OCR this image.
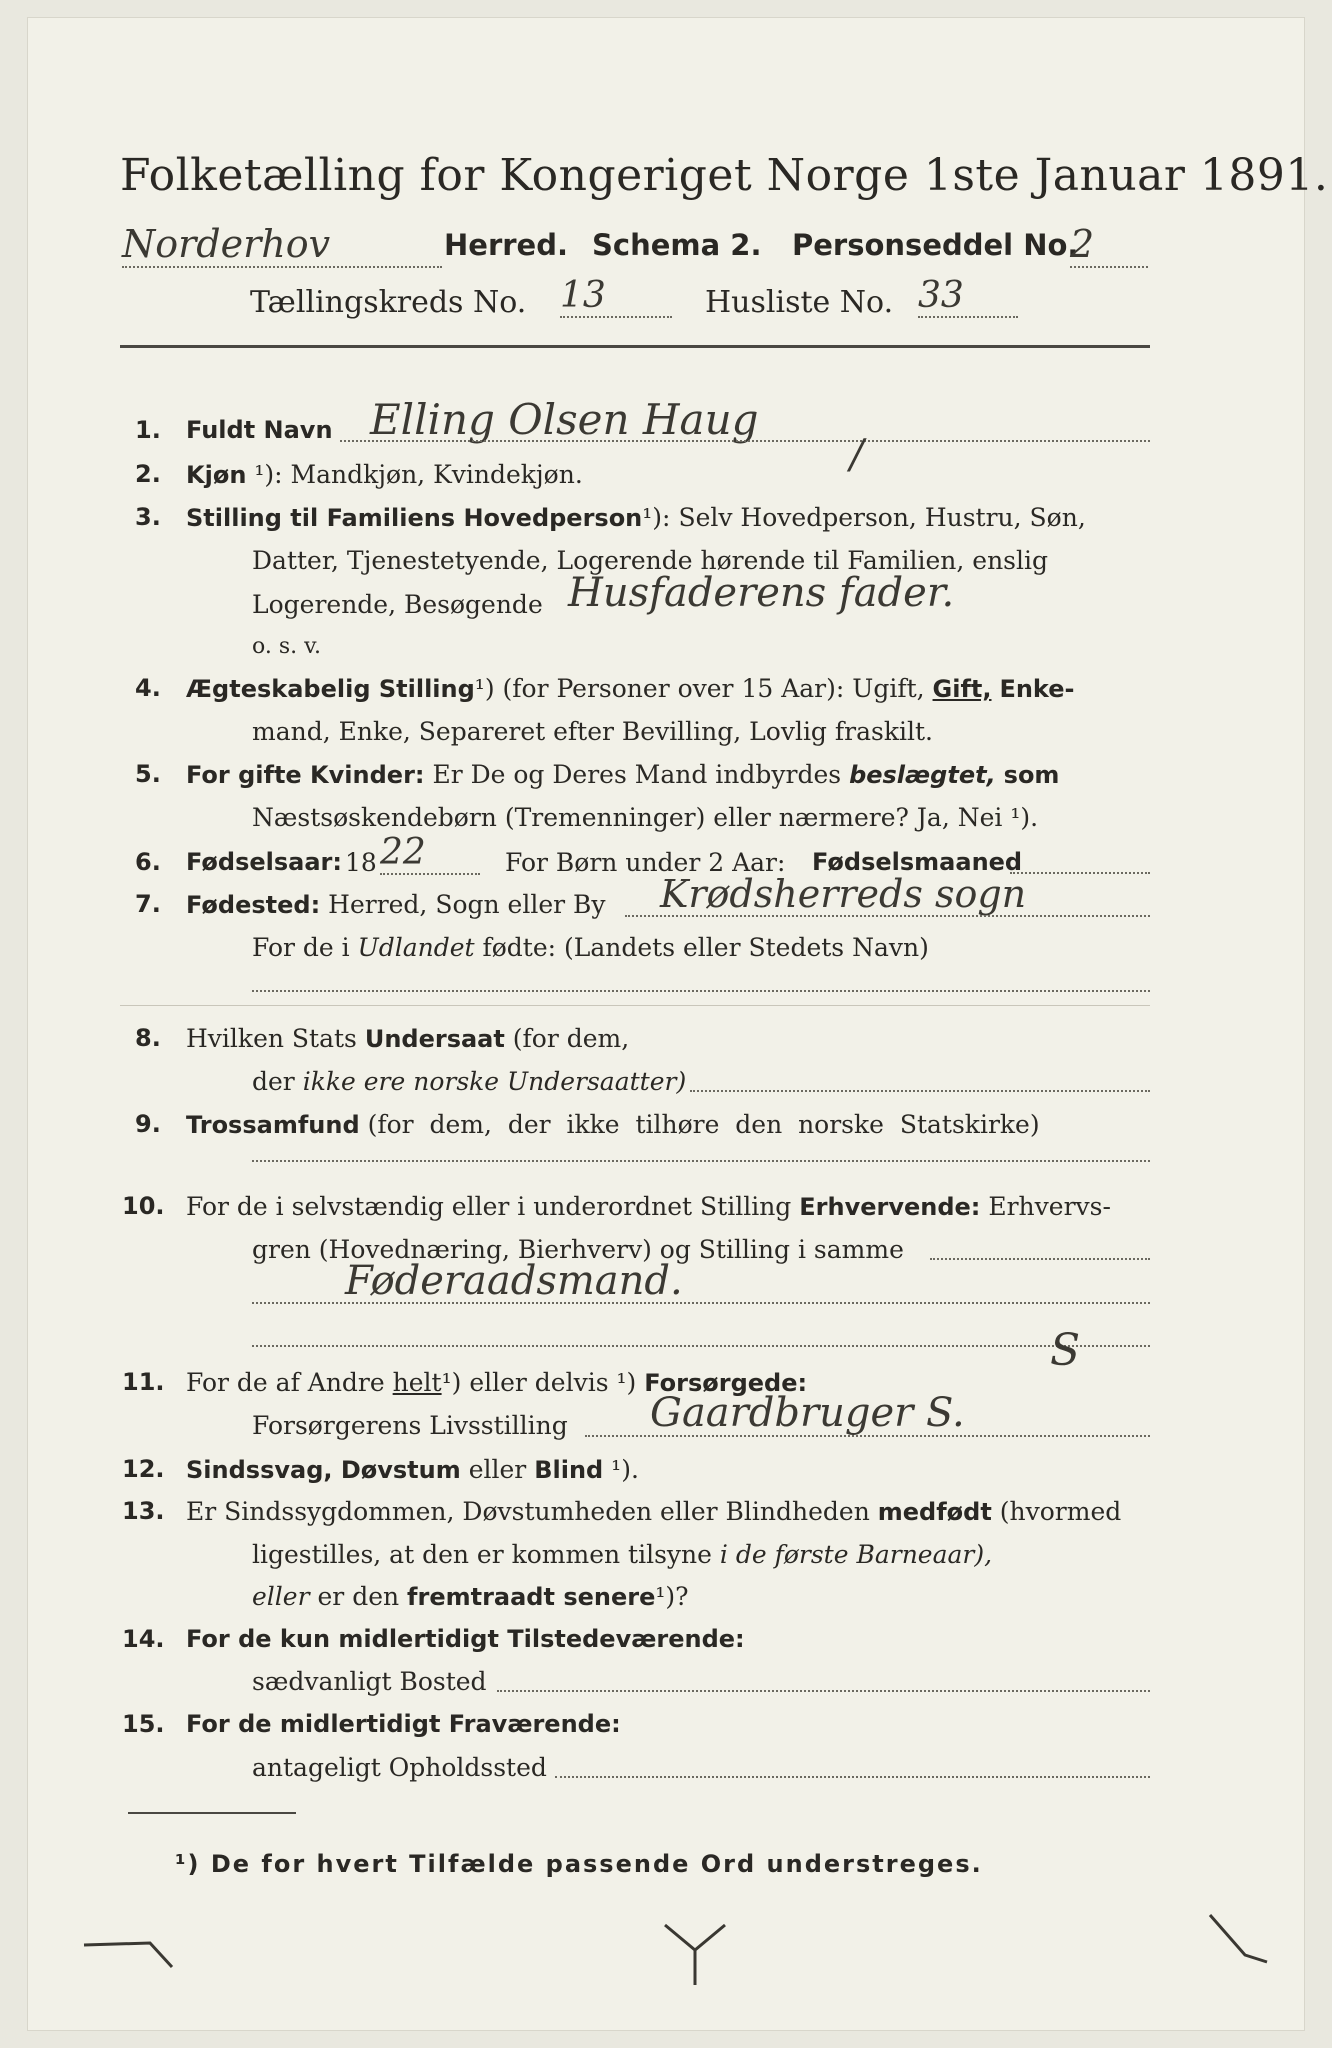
Folketælling for Kongeriget Norge 1ste Januar 1891.
Norderhov	Herred. Schema 2. Personseddel No.
2
Tællingskreds No. 13	Husliste No. 33
1. Fuldt Navn Elling Olsen Haug
2. Kjøn ¹): Mandkjøn, Kvindekjøn.	/
3. Stilling til Familiens Hovedperson¹): Selv Hovedperson, Hustru, Søn,
Datter, Tjenestetyende, Logerende hørende til Familien, enslig
Logerende, Besøgende Husfaderens fader.
o. s. v.
4. Ægteskabelig Stilling¹) (for Personer over 15 Aar): Ugift, Gift, Enke-
mand, Enke, Separeret efter Bevilling, Lovlig fraskilt.
5. For gifte Kvinder: Er De og Deres Mand indbyrdes beslægtet, som
Næstsøskendebørn (Tremenninger) eller nærmere? Ja, Nei ¹).
6. Fødselsaar: 18 22	For Børn under 2 Aar: Fødselsmaaned
7. Fødested: Herred, Sogn eller By Krødsherreds sogn
For de i Udlandet fødte: (Landets eller Stedets Navn)
8. Hvilken Stats Undersaat (for dem,
der ikke ere norske Undersaatter)
9. Trossamfund (for  dem,  der  ikke  tilhøre  den  norske  Statskirke)
10. For de i selvstændig eller i underordnet Stilling Erhvervende: Erhvervs-
gren (Hovednæring, Bierhverv) og Stilling i samme
Føderaadsmand.
11. For de af Andre helt¹) eller delvis ¹) Forsørgede:
S
Forsørgerens Livsstilling Gaardbruger S.
12. Sindssvag, Døvstum eller Blind ¹).
13. Er Sindssygdommen, Døvstumheden eller Blindheden medfødt (hvormed
ligestilles, at den er kommen tilsyne i de første Barneaar),
eller er den fremtraadt senere¹)?
14. For de kun midlertidigt Tilstedeværende:
sædvanligt Bosted
15. For de midlertidigt Fraværende:
antageligt Opholdssted
¹) De for hvert Tilfælde passende Ord understreges.
